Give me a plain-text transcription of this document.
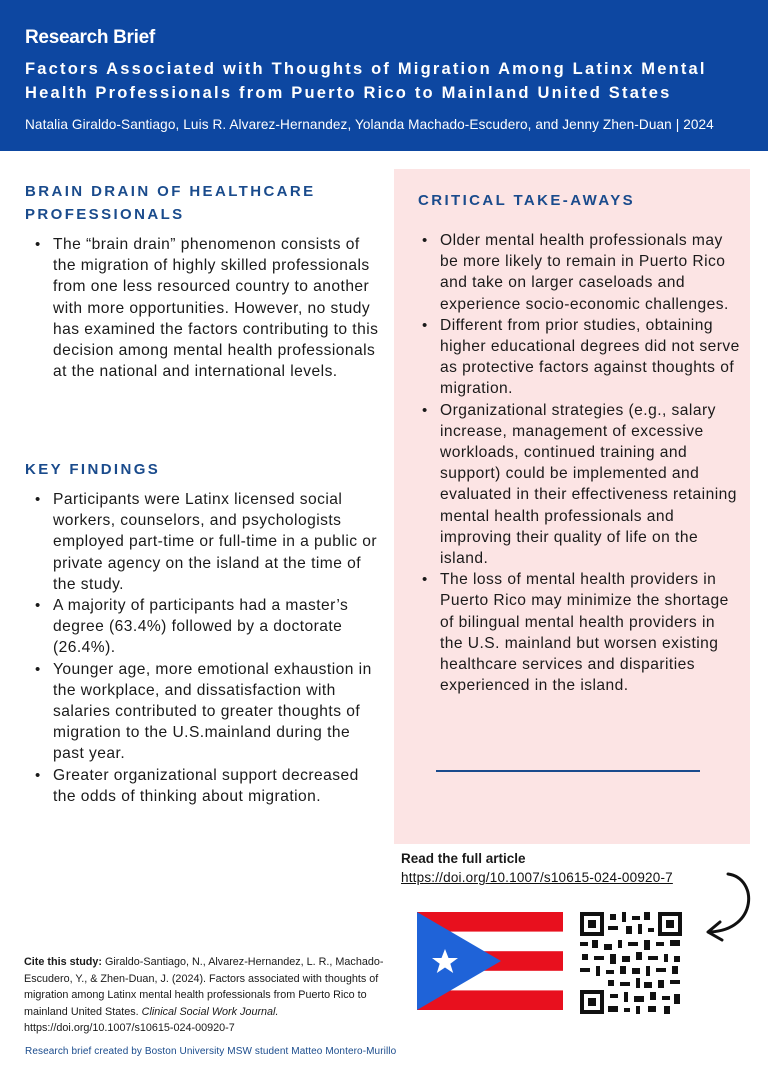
Research Brief
Factors Associated with Thoughts of Migration Among Latinx Mental Health Professionals from Puerto Rico to Mainland United States
Natalia Giraldo-Santiago, Luis R. Alvarez-Hernandez, Yolanda Machado-Escudero, and Jenny Zhen-Duan | 2024
BRAIN DRAIN OF HEALTHCARE
PROFESSIONALS
• The “brain drain” phenomenon consists of the migration of highly skilled professionals from one less resourced country to another with more opportunities. However, no study has examined the factors contributing to this decision among mental health professionals at the national and international levels.
KEY FINDINGS
• Participants were Latinx licensed social workers, counselors, and psychologists employed part-time or full-time in a public or private agency on the island at the time of the study.
• A majority of participants had a master’s degree (63.4%) followed by a doctorate (26.4%).
• Younger age, more emotional exhaustion in the workplace, and dissatisfaction with salaries contributed to greater thoughts of migration to the U.S.mainland during the past year.
• Greater organizational support decreased the odds of thinking about migration.
CRITICAL TAKE-AWAYS
• Older mental health professionals may be more likely to remain in Puerto Rico and take on larger caseloads and experience socio-economic challenges.
• Different from prior studies, obtaining higher educational degrees did not serve as protective factors against thoughts of migration.
• Organizational strategies (e.g., salary increase, management of excessive workloads, continued training and support) could be implemented and evaluated in their effectiveness retaining mental health professionals and improving their quality of life on the island.
• The loss of mental health providers in Puerto Rico may minimize the shortage of bilingual mental health providers in the U.S. mainland but worsen existing healthcare services and disparities experienced in the island.
Read the full article
https://doi.org/10.1007/s10615-024-00920-7
Cite this study: Giraldo-Santiago, N., Alvarez-Hernandez, L. R., Machado-Escudero, Y., & Zhen-Duan, J. (2024). Factors associated with thoughts of migration among Latinx mental health professionals from Puerto Rico to mainland United States. Clinical Social Work Journal. https://doi.org/10.1007/s10615-024-00920-7
Research brief created by Boston University MSW student Matteo Montero-Murillo
